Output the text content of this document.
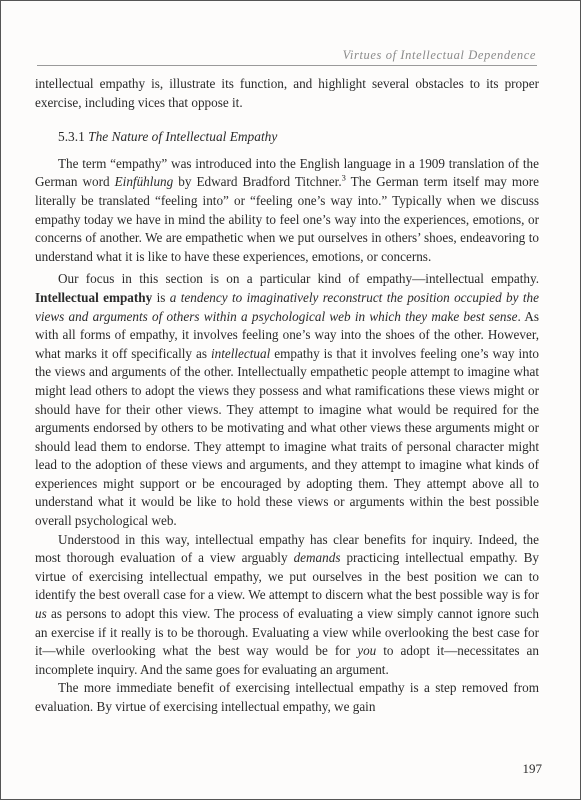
Virtues of Intellectual Dependence

intellectual empathy is, illustrate its function, and highlight several obstacles to its proper exercise, including vices that oppose it.

5.3.1 The Nature of Intellectual Empathy

The term “empathy” was introduced into the English language in a 1909 translation of the German word Einfühlung by Edward Bradford Titchner.$^3$ The German term itself may more literally be translated “feeling into” or “feeling one’s way into.” Typically when we discuss empathy today we have in mind the ability to feel one’s way into the experiences, emotions, or concerns of another. We are empathetic when we put ourselves in others’ shoes, endeavoring to understand what it is like to have these experiences, emotions, or concerns.

Our focus in this section is on a particular kind of empathy—intellectual empathy. Intellectual empathy is a tendency to imaginatively reconstruct the position occupied by the views and arguments of others within a psychological web in which they make best sense. As with all forms of empathy, it involves feeling one’s way into the shoes of the other. However, what marks it off specifically as intellectual empathy is that it involves feeling one’s way into the views and arguments of the other. Intellectually empathetic people attempt to imagine what might lead others to adopt the views they possess and what ramifications these views might or should have for their other views. They attempt to imagine what would be required for the arguments endorsed by others to be motivating and what other views these arguments might or should lead them to endorse. They attempt to imagine what traits of personal character might lead to the adoption of these views and arguments, and they attempt to imagine what kinds of experiences might support or be encouraged by adopting them. They attempt above all to understand what it would be like to hold these views or arguments within the best possible overall psychological web.

Understood in this way, intellectual empathy has clear benefits for inquiry. Indeed, the most thorough evaluation of a view arguably demands practicing intellectual empathy. By virtue of exercising intellectual empathy, we put ourselves in the best position we can to identify the best overall case for a view. We attempt to discern what the best possible way is for us as persons to adopt this view. The process of evaluating a view simply cannot ignore such an exercise if it really is to be thorough. Evaluating a view while overlooking the best case for it—while overlooking what the best way would be for you to adopt it—necessitates an incomplete inquiry. And the same goes for evaluating an argument.

The more immediate benefit of exercising intellectual empathy is a step removed from evaluation. By virtue of exercising intellectual empathy, we gain

197
